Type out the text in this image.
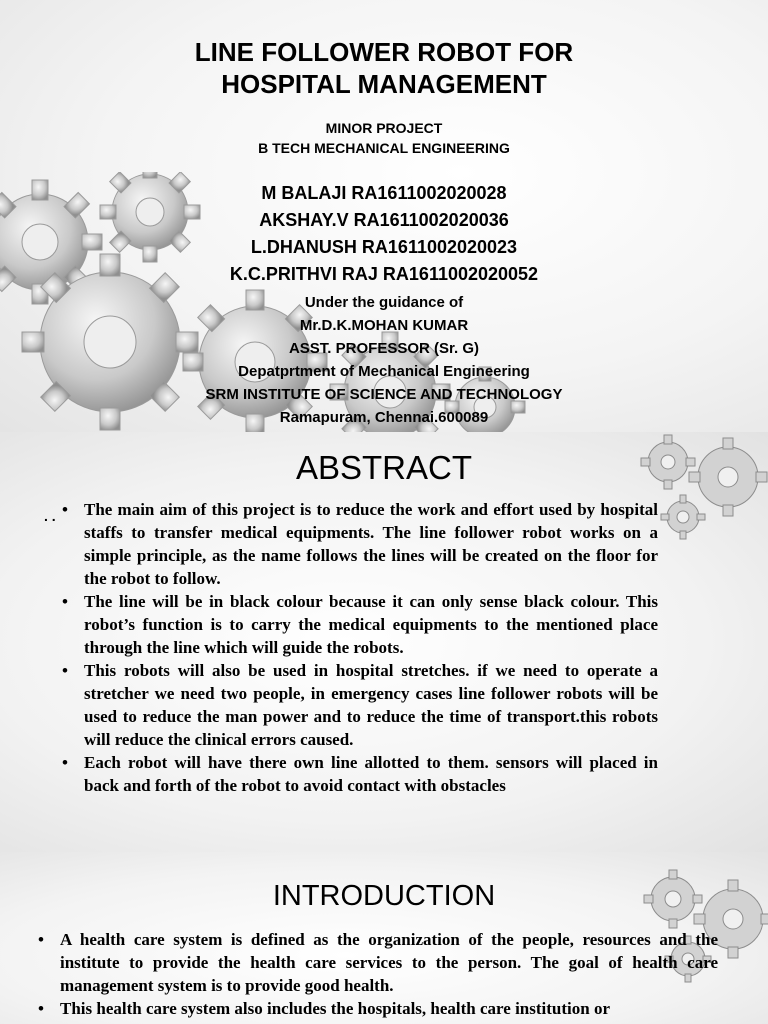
LINE FOLLOWER ROBOT FOR
HOSPITAL MANAGEMENT
MINOR PROJECT
B TECH MECHANICAL ENGINEERING
M BALAJI RA1611002020028
AKSHAY.V RA1611002020036
L.DHANUSH RA1611002020023
K.C.PRITHVI RAJ RA1611002020052
Under the guidance of
Mr.D.K.MOHAN KUMAR
ASST. PROFESSOR (Sr. G)
Depatprtment of Mechanical Engineering
SRM INSTITUTE OF SCIENCE AND TECHNOLOGY
Ramapuram, Chennai.600089
ABSTRACT
. . • The main aim of this project is to reduce the work and effort used by hospital staffs to transfer medical equipments. The line follower robot works on a simple principle, as the name follows the lines will be created on the floor for the robot to follow.
• The line will be in black colour because it can only sense black colour. This robot’s function is to carry the medical equipments to the mentioned place through the line which will guide the robots.
• This robots will also be used in hospital stretches. if we need to operate a stretcher we need two people, in emergency cases line follower robots will be used to reduce the man power and to reduce the time of transport.this robots will reduce the clinical errors caused.
• Each robot will have there own line allotted to them. sensors will placed in back and forth of the robot to avoid contact with obstacles
INTRODUCTION
• A health care system is defined as the organization of the people, resources and the institute to provide the health care services to the person. The goal of health care management system is to provide good health.
• This health care system also includes the hospitals, health care institution or
